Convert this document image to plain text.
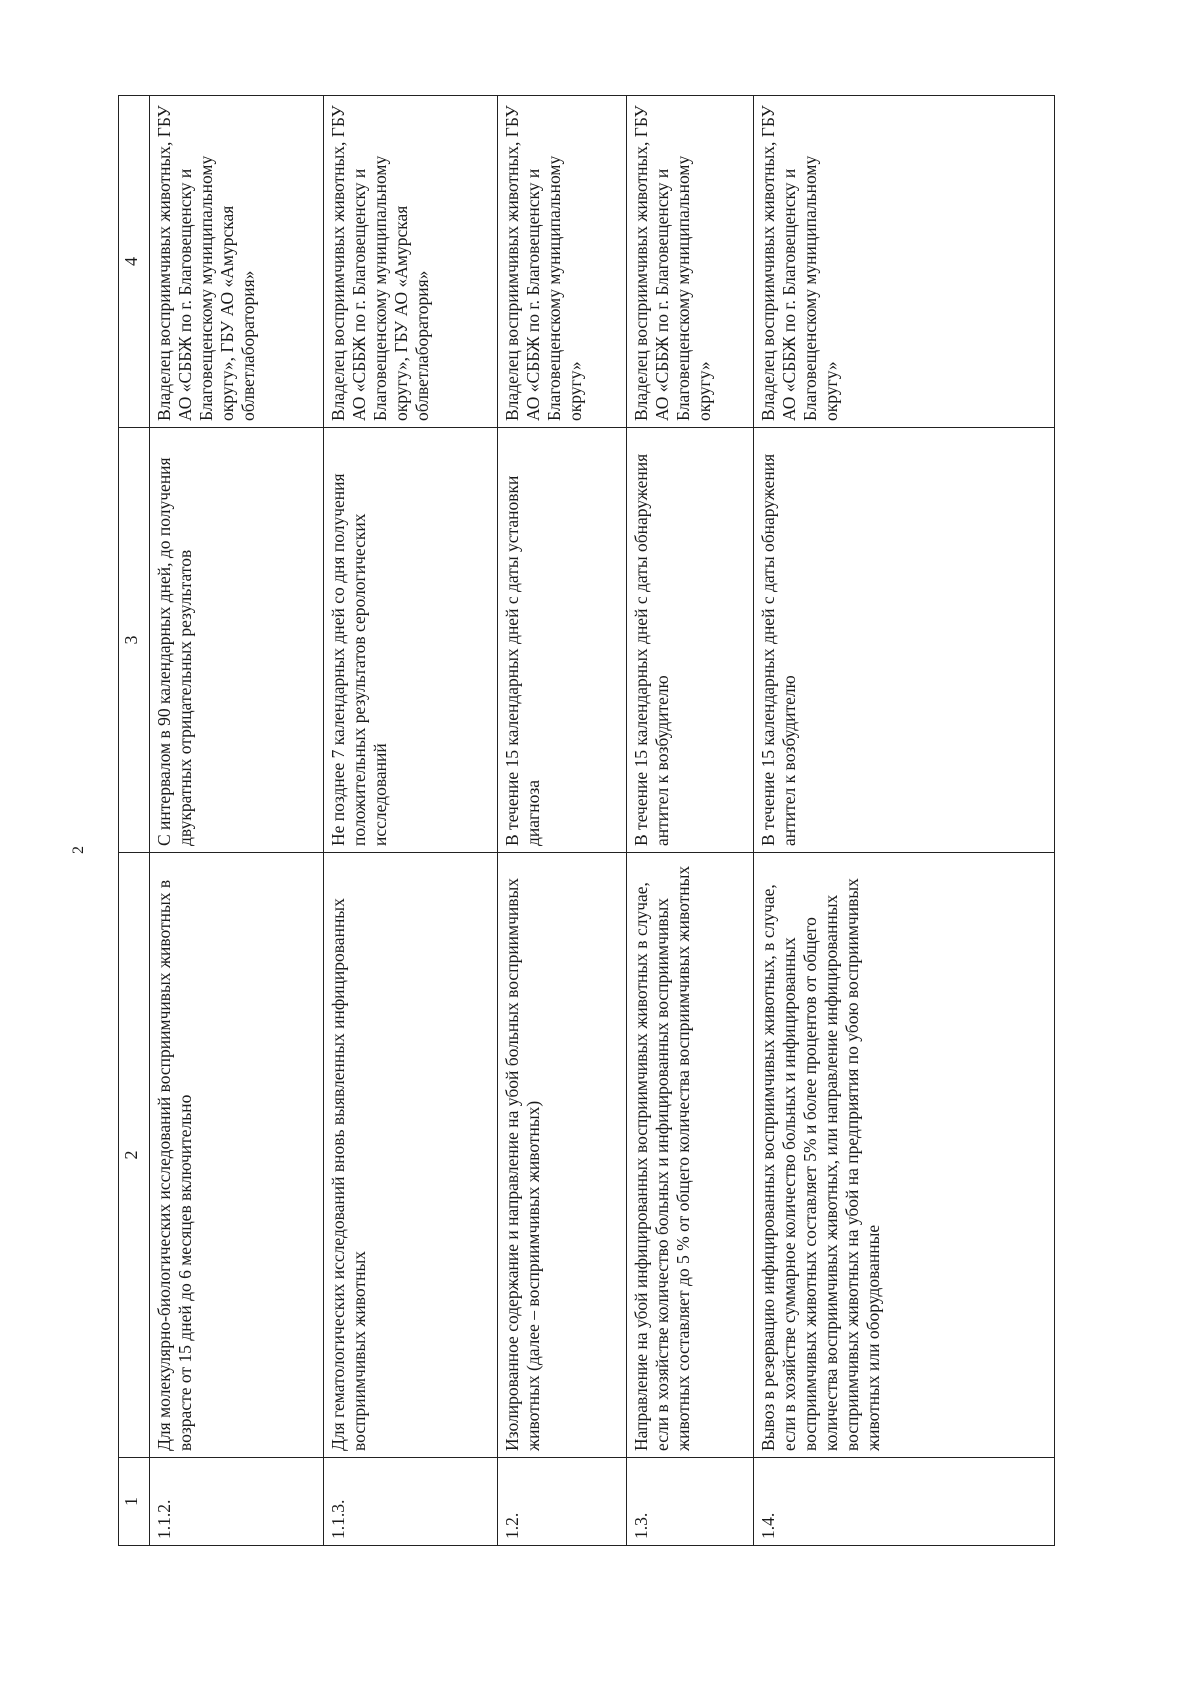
2
1	2	3	4
1.1.2.	Для молекулярно-биологических исследований восприимчивых животных в возрасте от 15 дней до 6 месяцев включительно	С интервалом в 90 календарных дней, до получения двукратных отрицательных результатов	Владелец восприимчивых животных, ГБУ АО «СББЖ по г. Благовещенску и Благовещенскому муниципальному округу», ГБУ АО «Амурская облветлаборатория»
1.1.3.	Для гематологических исследований вновь выявленных инфицированных восприимчивых животных	Не позднее 7 календарных дней со дня получения положительных результатов серологических исследований	Владелец восприимчивых животных, ГБУ АО «СББЖ по г. Благовещенску и Благовещенскому муниципальному округу», ГБУ АО «Амурская облветлаборатория»
1.2.	Изолированное содержание и направление на убой больных восприимчивых животных (далее – восприимчивых животных)	В течение 15 календарных дней с даты установки диагноза	Владелец восприимчивых животных, ГБУ АО «СББЖ по г. Благовещенску и Благовещенскому муниципальному округу»
1.3.	Направление на убой инфицированных восприимчивых животных в случае, если в хозяйстве количество больных и инфицированных восприимчивых животных составляет до 5 % от общего количества восприимчивых животных	В течение 15 календарных дней с даты обнаружения антител к возбудителю	Владелец восприимчивых животных, ГБУ АО «СББЖ по г. Благовещенску и Благовещенскому муниципальному округу»
1.4.	Вывоз в резервацию инфицированных восприимчивых животных, в случае, если в хозяйстве суммарное количество больных и инфицированных восприимчивых животных составляет 5% и более процентов от общего количества восприимчивых животных, или направление инфицированных восприимчивых животных на убой на предприятия по убою восприимчивых животных или оборудованные	В течение 15 календарных дней с даты обнаружения антител к возбудителю	Владелец восприимчивых животных, ГБУ АО «СББЖ по г. Благовещенску и Благовещенскому муниципальному округу»
